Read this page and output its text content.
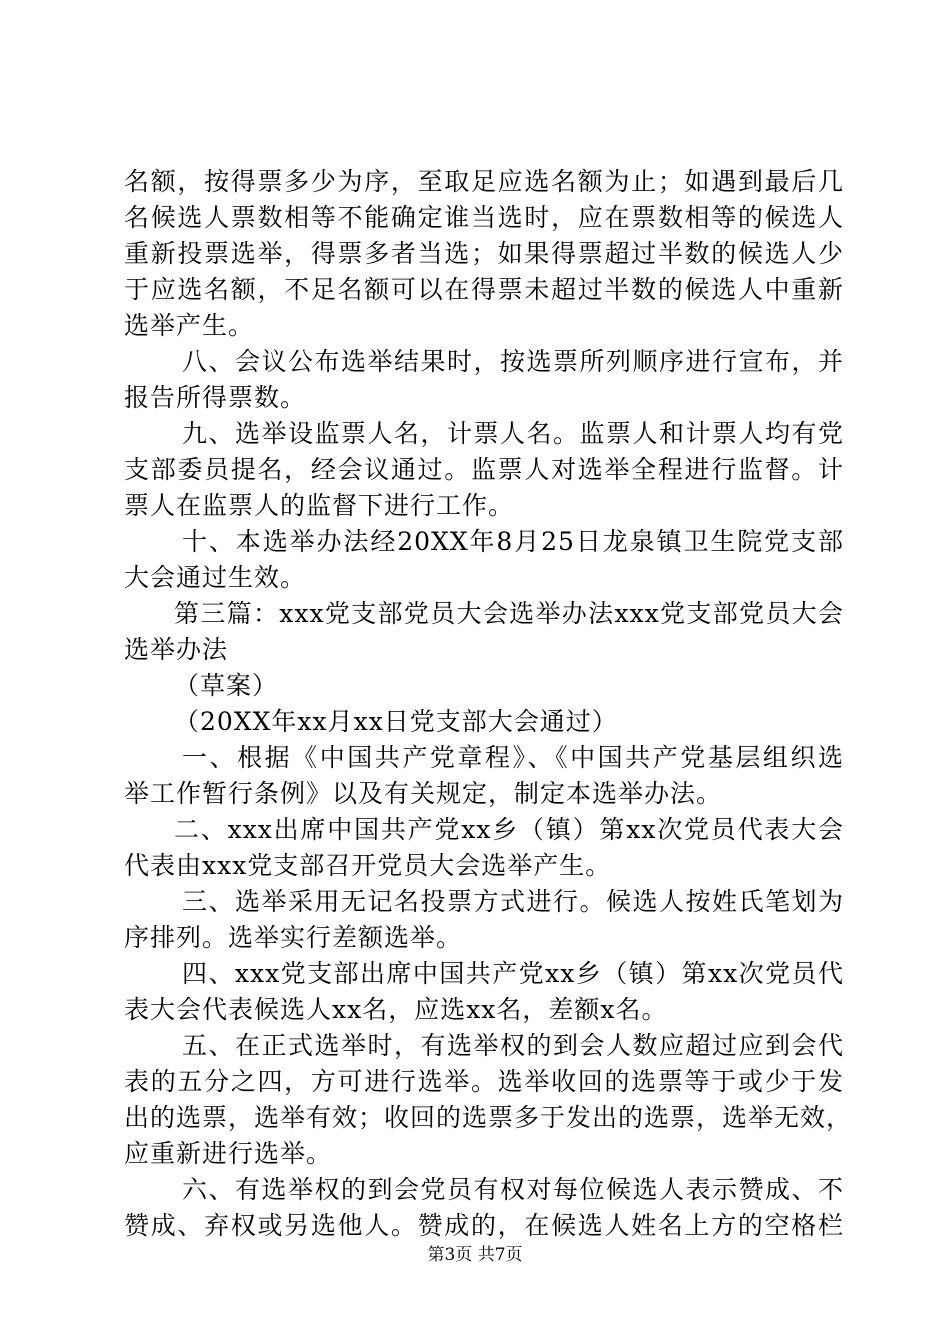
名额，按得票多少为序，至取足应选名额为止；如遇到最后几
名候选人票数相等不能确定谁当选时，应在票数相等的候选人
重新投票选举，得票多者当选；如果得票超过半数的候选人少
于应选名额，不足名额可以在得票未超过半数的候选人中重新
选举产生。
八、会议公布选举结果时，按选票所列顺序进行宣布，并
报告所得票数。
九、选举设监票人名，计票人名。监票人和计票人均有党
支部委员提名，经会议通过。监票人对选举全程进行监督。计
票人在监票人的监督下进行工作。
十、本选举办法经20XX年8月25日龙泉镇卫生院党支部
大会通过生效。
第三篇：xxx党支部党员大会选举办法xxx党支部党员大会
选举办法
（草案）
（20XX年xx月xx日党支部大会通过）
一、根据《中国共产党章程》、《中国共产党基层组织选
举工作暂行条例》以及有关规定，制定本选举办法。
二、xxx出席中国共产党xx乡（镇）第xx次党员代表大会
代表由xxx党支部召开党员大会选举产生。
三、选举采用无记名投票方式进行。候选人按姓氏笔划为
序排列。选举实行差额选举。
四、xxx党支部出席中国共产党xx乡（镇）第xx次党员代
表大会代表候选人xx名，应选xx名，差额x名。
五、在正式选举时，有选举权的到会人数应超过应到会代
表的五分之四，方可进行选举。选举收回的选票等于或少于发
出的选票，选举有效；收回的选票多于发出的选票，选举无效，
应重新进行选举。
六、有选举权的到会党员有权对每位候选人表示赞成、不
赞成、弃权或另选他人。赞成的，在候选人姓名上方的空格栏
第3页 共7页
